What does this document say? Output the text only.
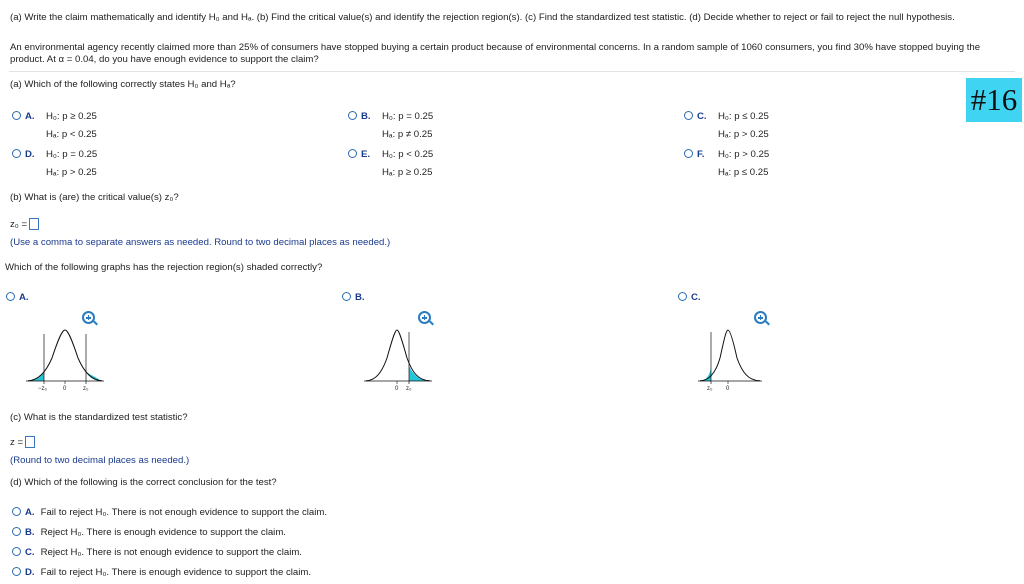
(a) Write the claim mathematically and identify H₀ and Hₐ. (b) Find the critical value(s) and identify the rejection region(s). (c) Find the standardized test statistic. (d) Decide whether to reject or fail to reject the null hypothesis.
An environmental agency recently claimed more than 25% of consumers have stopped buying a certain product because of environmental concerns. In a random sample of 1060 consumers, you find 30% have stopped buying the product. At α = 0.04, do you have enough evidence to support the claim?
#16
(a) Which of the following correctly states H₀ and Hₐ?
A. H₀: p ≥ 0.25
Hₐ: p < 0.25
B. H₀: p = 0.25
Hₐ: p ≠ 0.25
C. H₀: p ≤ 0.25
Hₐ: p > 0.25
D. H₀: p = 0.25
Hₐ: p > 0.25
E. H₀: p < 0.25
Hₐ: p ≥ 0.25
F. H₀: p > 0.25
Hₐ: p ≤ 0.25
(b) What is (are) the critical value(s) z₀?
z₀ =
(Use a comma to separate answers as needed. Round to two decimal places as needed.)
Which of the following graphs has the rejection region(s) shaded correctly?
A.
−z₀	0	z₀
B.
0 z₀
C.
z₀ 0
(c) What is the standardized test statistic?
z =
(Round to two decimal places as needed.)
(d) Which of the following is the correct conclusion for the test?
A. Fail to reject H₀. There is not enough evidence to support the claim.
B. Reject H₀. There is enough evidence to support the claim.
C. Reject H₀. There is not enough evidence to support the claim.
D. Fail to reject H₀. There is enough evidence to support the claim.
